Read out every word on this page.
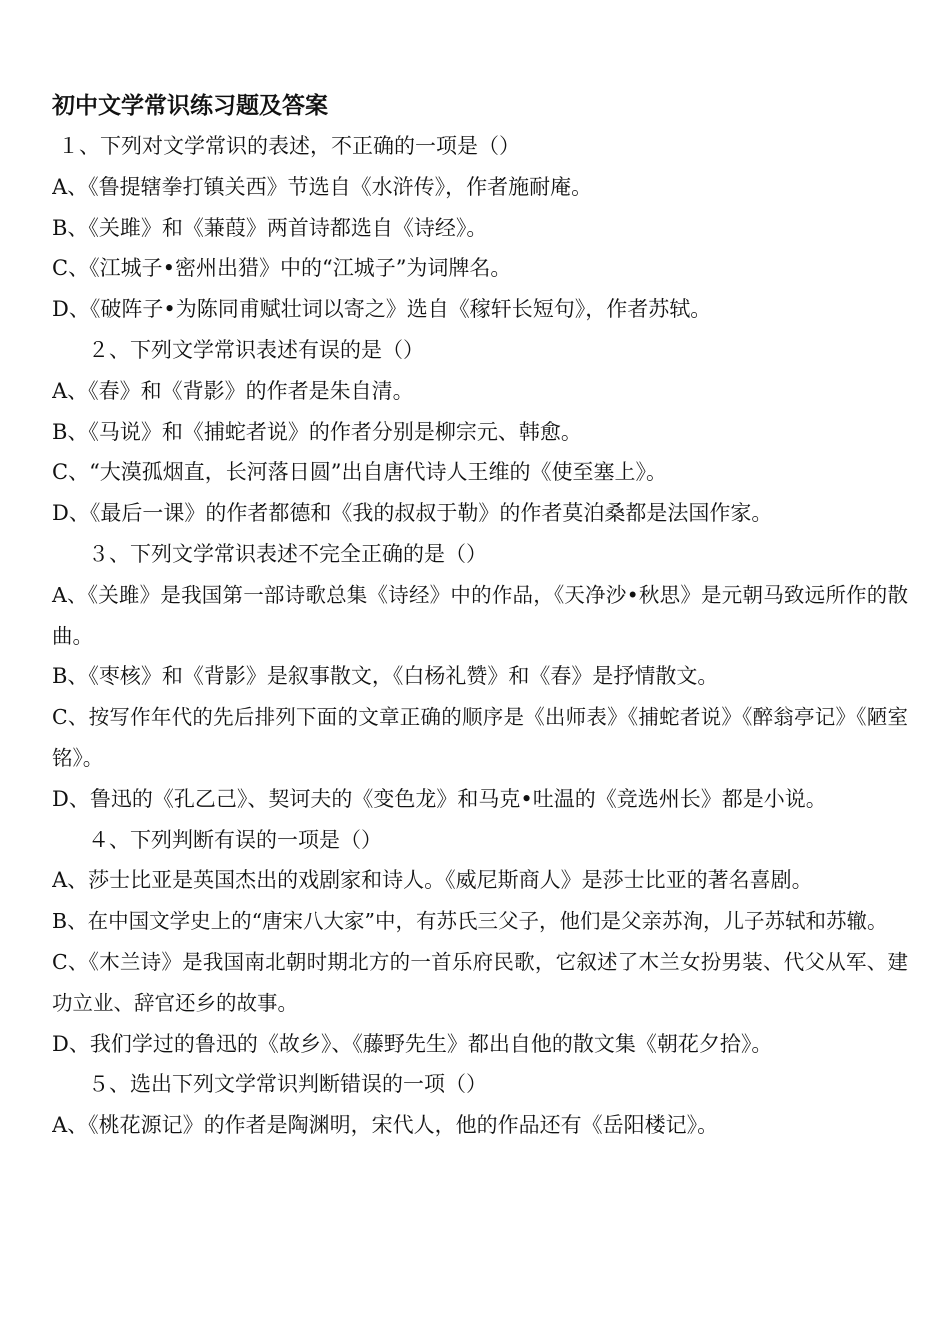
初中文学常识练习题及答案

１、下列对文学常识的表述，不正确的一项是（）

A、《鲁提辖拳打镇关西》节选自《水浒传》，作者施耐庵。

B、《关雎》和《蒹葭》两首诗都选自《诗经》。

C、《江城子•密州出猎》中的“江城子”为词牌名。

D、《破阵子•为陈同甫赋壮词以寄之》选自《稼轩长短句》，作者苏轼。

２、下列文学常识表述有误的是（）

A、《春》和《背影》的作者是朱自清。

B、《马说》和《捕蛇者说》的作者分别是柳宗元、韩愈。

C、“大漠孤烟直，长河落日圆”出自唐代诗人王维的《使至塞上》。

D、《最后一课》的作者都德和《我的叔叔于勒》的作者莫泊桑都是法国作家。

３、下列文学常识表述不完全正确的是（）

A、《关雎》是我国第一部诗歌总集《诗经》中的作品，《天净沙•秋思》是元朝马致远所作的散曲。

B、《枣核》和《背影》是叙事散文，《白杨礼赞》和《春》是抒情散文。

C、按写作年代的先后排列下面的文章正确的顺序是《出师表》《捕蛇者说》《醉翁亭记》《陋室铭》。

D、鲁迅的《孔乙己》、契诃夫的《变色龙》和马克•吐温的《竞选州长》都是小说。

４、下列判断有误的一项是（）

A、莎士比亚是英国杰出的戏剧家和诗人。《威尼斯商人》是莎士比亚的著名喜剧。

B、在中国文学史上的“唐宋八大家”中，有苏氏三父子，他们是父亲苏洵，儿子苏轼和苏辙。

C、《木兰诗》是我国南北朝时期北方的一首乐府民歌，它叙述了木兰女扮男装、代父从军、建功立业、辞官还乡的故事。

D、我们学过的鲁迅的《故乡》、《藤野先生》都出自他的散文集《朝花夕拾》。

５、选出下列文学常识判断错误的一项（）

A、《桃花源记》的作者是陶渊明，宋代人，他的作品还有《岳阳楼记》。
